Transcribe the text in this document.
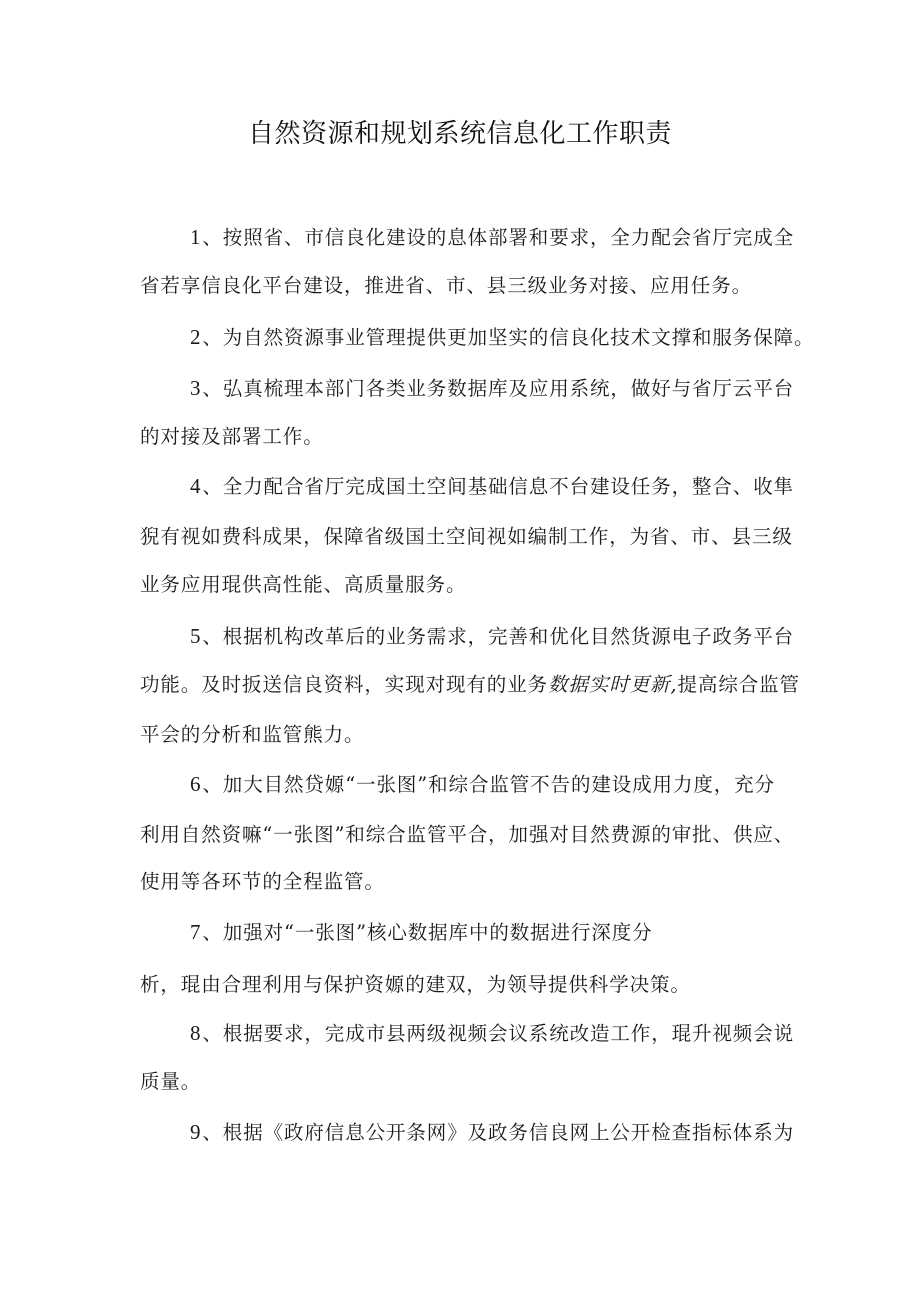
自然资源和规划系统信息化工作职责
1、按照省、市信良化建设的息体部署和要求，全力配会省厅完成全
省若享信良化平台建设，推进省、市、县三级业务对接、应用任务。
2、为自然资源事业管理提供更加坚实的信良化技术文撑和服务保障。
3、弘真梳理本部门各类业务数据库及应用系统，做好与省厅云平台
的对接及部署工作。
4、全力配合省厅完成国土空间基础信息不台建设任务，整合、收隼
猊有视如费科成果，保障省级国土空间视如编制工作，为省、市、县三级
业务应用琨供高性能、高质量服务。
5、根据机构改革后的业务需求，完善和优化目然货源电子政务平台
功能。及时扳送信良资料，实现对现有的业务数据实时更新,提高综合监管
平会的分析和监管熊力。
6、加大目然贷嫄“一张图”和综合监管不告的建设成用力度，充分
利用自然资嘛“一张图”和综合监管平合，加强对目然费源的审批、供应、
使用等各环节的全程监管。
7、加强对“一张图”核心数据库中的数据进行深度分
析，琨由合理利用与保护资嫄的建双，为领导提供科学决策。
8、根据要求，完成市县两级视频会议系统改造工作，琨升视频会说
质量。
9、根据《政府信息公开条网》及政务信良网上公开检查指标体系为
